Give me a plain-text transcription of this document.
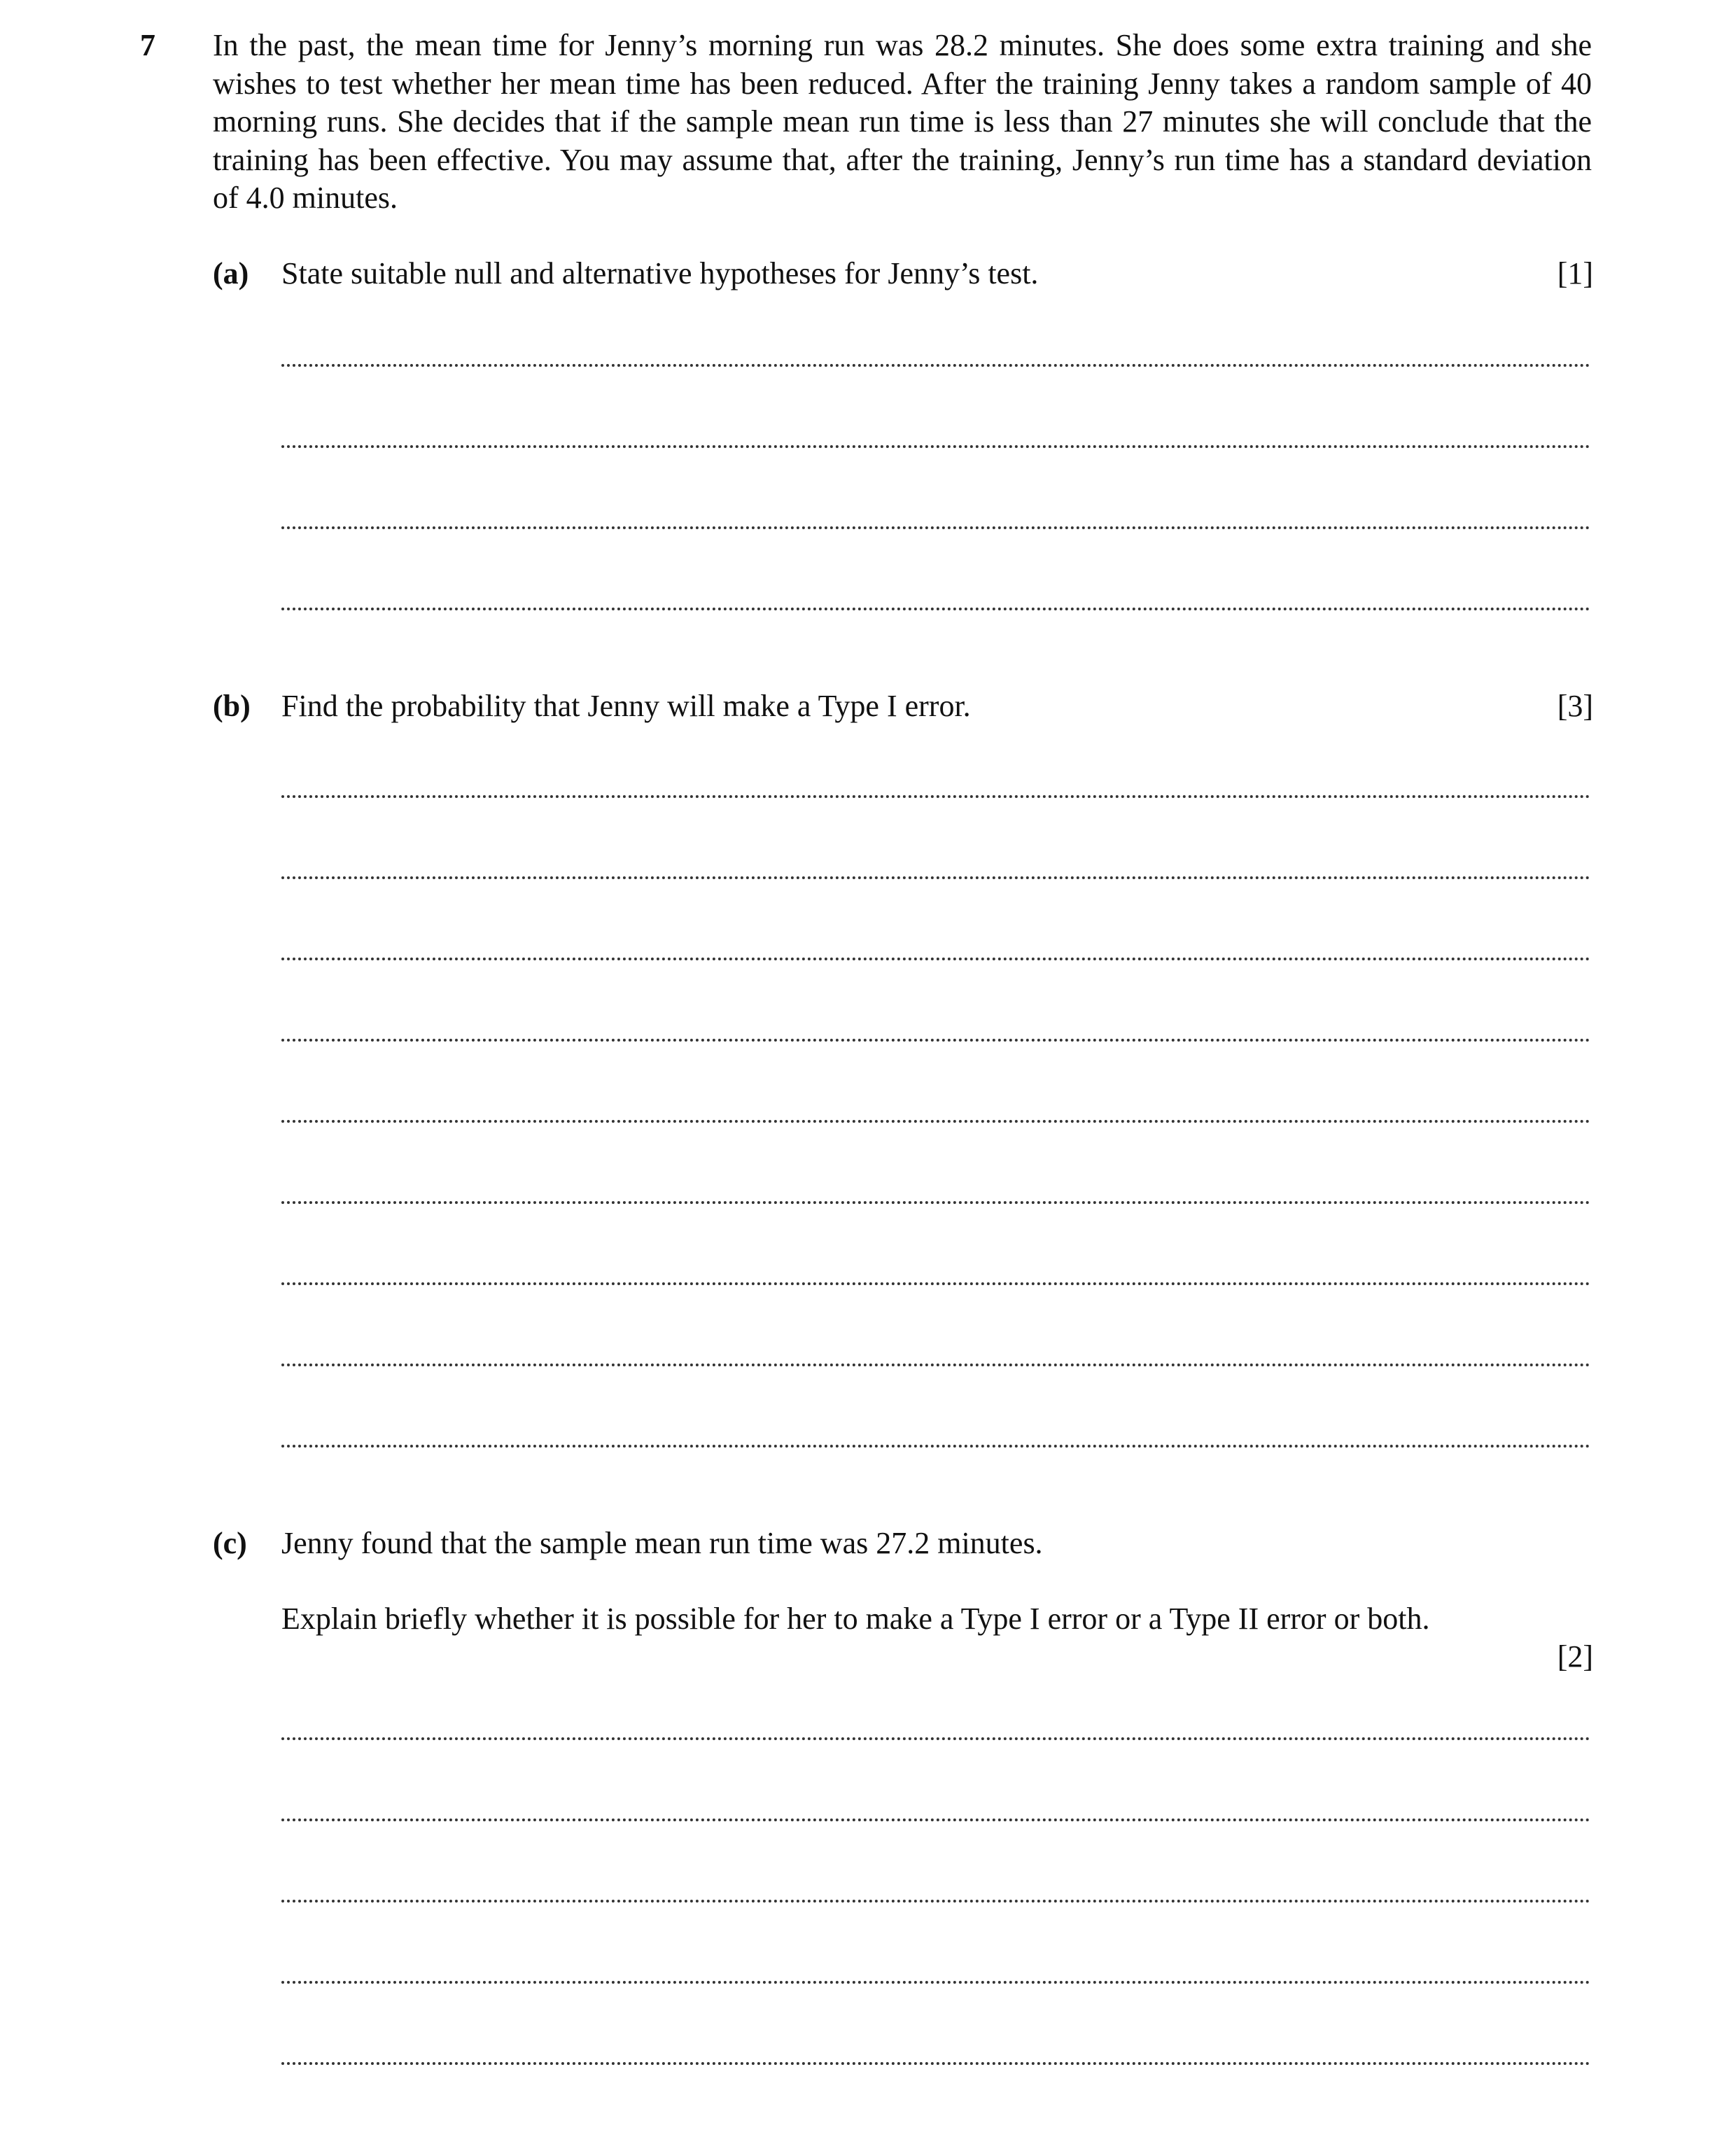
7 In the past, the mean time for Jenny’s morning run was 28.2 minutes. She does some extra training and she wishes to test whether her mean time has been reduced. After the training Jenny takes a random sample of 40 morning runs. She decides that if the sample mean run time is less than 27 minutes she will conclude that the training has been effective. You may assume that, after the training, Jenny’s run time has a standard deviation of 4.0 minutes.
(a) State suitable null and alternative hypotheses for Jenny’s test.	[1]
(b) Find the probability that Jenny will make a Type I error.	[3]
(c) Jenny found that the sample mean run time was 27.2 minutes.
Explain briefly whether it is possible for her to make a Type I error or a Type II error or both.
[2]
